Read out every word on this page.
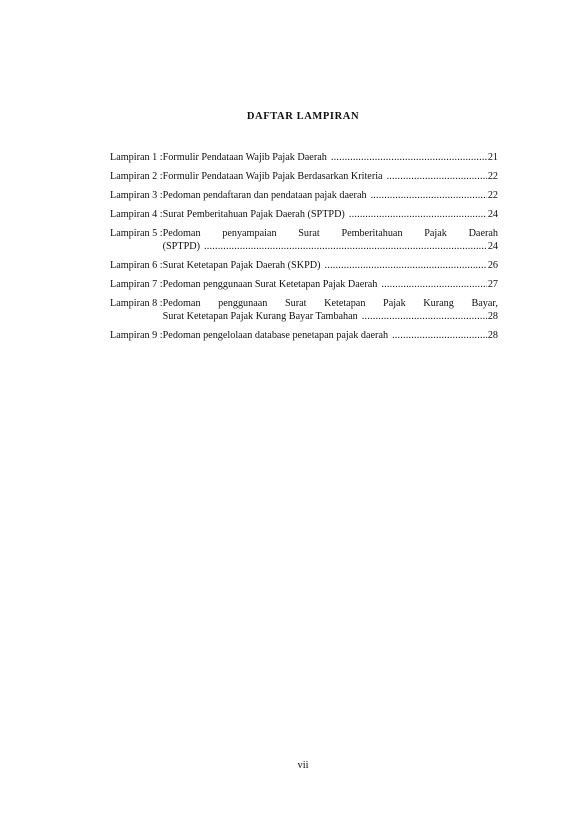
DAFTAR LAMPIRAN
Lampiran 1 : Formulir Pendataan Wajib Pajak Daerah .....	21
Lampiran 2 : Formulir Pendataan Wajib Pajak Berdasarkan Kriteria .....	22
Lampiran 3 : Pedoman pendaftaran dan pendataan pajak daerah .....	22
Lampiran 4 : Surat Pemberitahuan Pajak Daerah (SPTPD) .....	24
Lampiran 5 : Pedoman penyampaian Surat Pemberitahuan Pajak Daerah
(SPTPD) .....	24
Lampiran 6 : Surat Ketetapan Pajak Daerah (SKPD) .....	26
Lampiran 7 : Pedoman penggunaan Surat Ketetapan Pajak Daerah .....	27
Lampiran 8 : Pedoman penggunaan Surat Ketetapan Pajak Kurang Bayar,
Surat Ketetapan Pajak Kurang Bayar Tambahan .....	28
Lampiran 9 : Pedoman pengelolaan database penetapan pajak daerah .....	28
vii
